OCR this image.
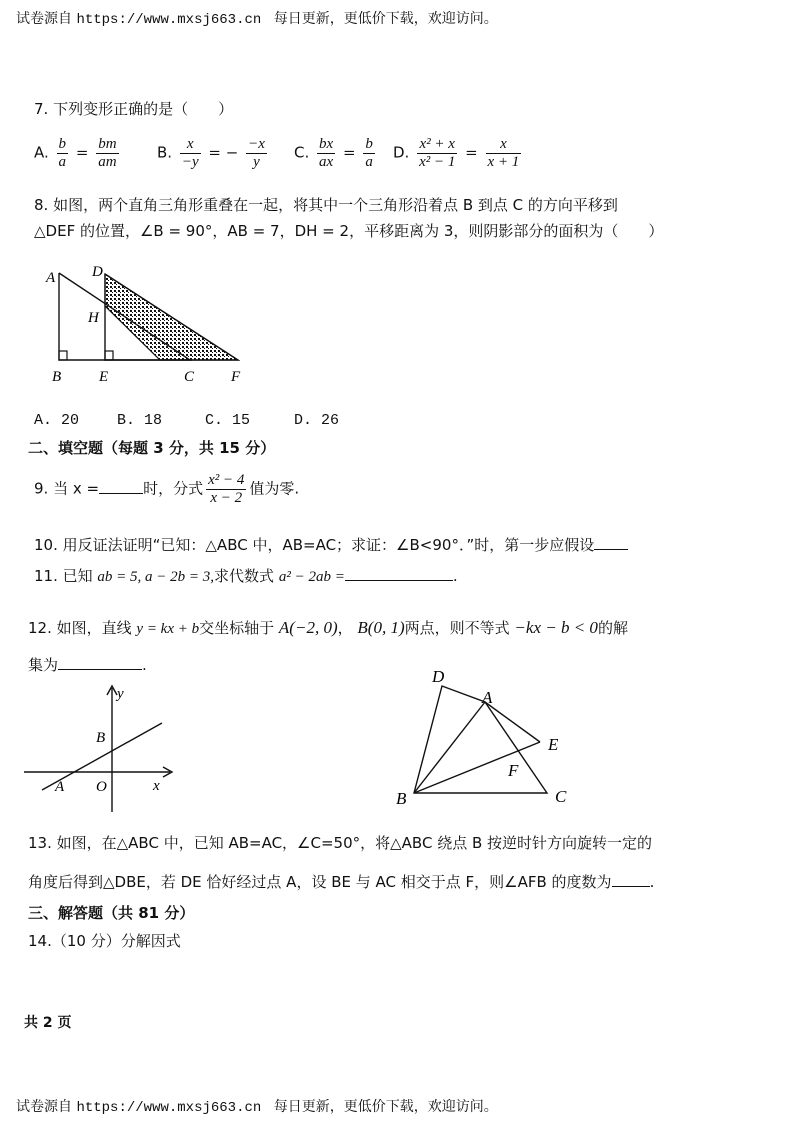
试卷源自 https://www.mxsj663.cn 每日更新，更低价下载，欢迎访问。
7. 下列变形正确的是（　　）
A. $\frac{b}{a} = \frac{bm}{am}$	B. $\frac{x}{-y}$ = − $\frac{-x}{y} C$. $\frac{bx}{ax} = \frac{b}{a} D$. $\frac{\text{x² + x}}{\text{x² − 1}} = \frac{x}{x + 1}$
8. 如图，两个直角三角形重叠在一起，将其中一个三角形沿着点 B 到点 C 的方向平移到
△DEF 的位置，∠B = 90°，AB = 7，DH = 2，平移距离为 3，则阴影部分的面积为（　　）
A D
H
B	E	C F
A. 20	B. 18	C. 15	D. 26
二、填空题（每题 3 分，共 15 分）
9. 当 x =	时，分式 $\frac{\text{x² − 4}}{x - 2}$ 值为零.
10. 用反证法证明“已知：△ABC 中，AB=AC；求证：∠B<90°．”时，第一步应假设
11. 已知 ab = 5, a − 2b = 3,求代数式 a² − 2ab =	.
12. 如图，直线 y = kx + b交坐标轴于 A(−2, 0)， B(0, 1)两点，则不等式 −kx − b < 0的解
集为	.
y
B
A O	x
D
A
E
F
B	C
13. 如图，在△ABC 中，已知 AB=AC，∠C=50°，将△ABC 绕点 B 按逆时针方向旋转一定的
角度后得到△DBE，若 DE 恰好经过点 A，设 BE 与 AC 相交于点 F，则∠AFB 的度数为	.
三、解答题（共 81 分）
14.（10 分）分解因式
共 2 页
试卷源自 https://www.mxsj663.cn 每日更新，更低价下载，欢迎访问。
